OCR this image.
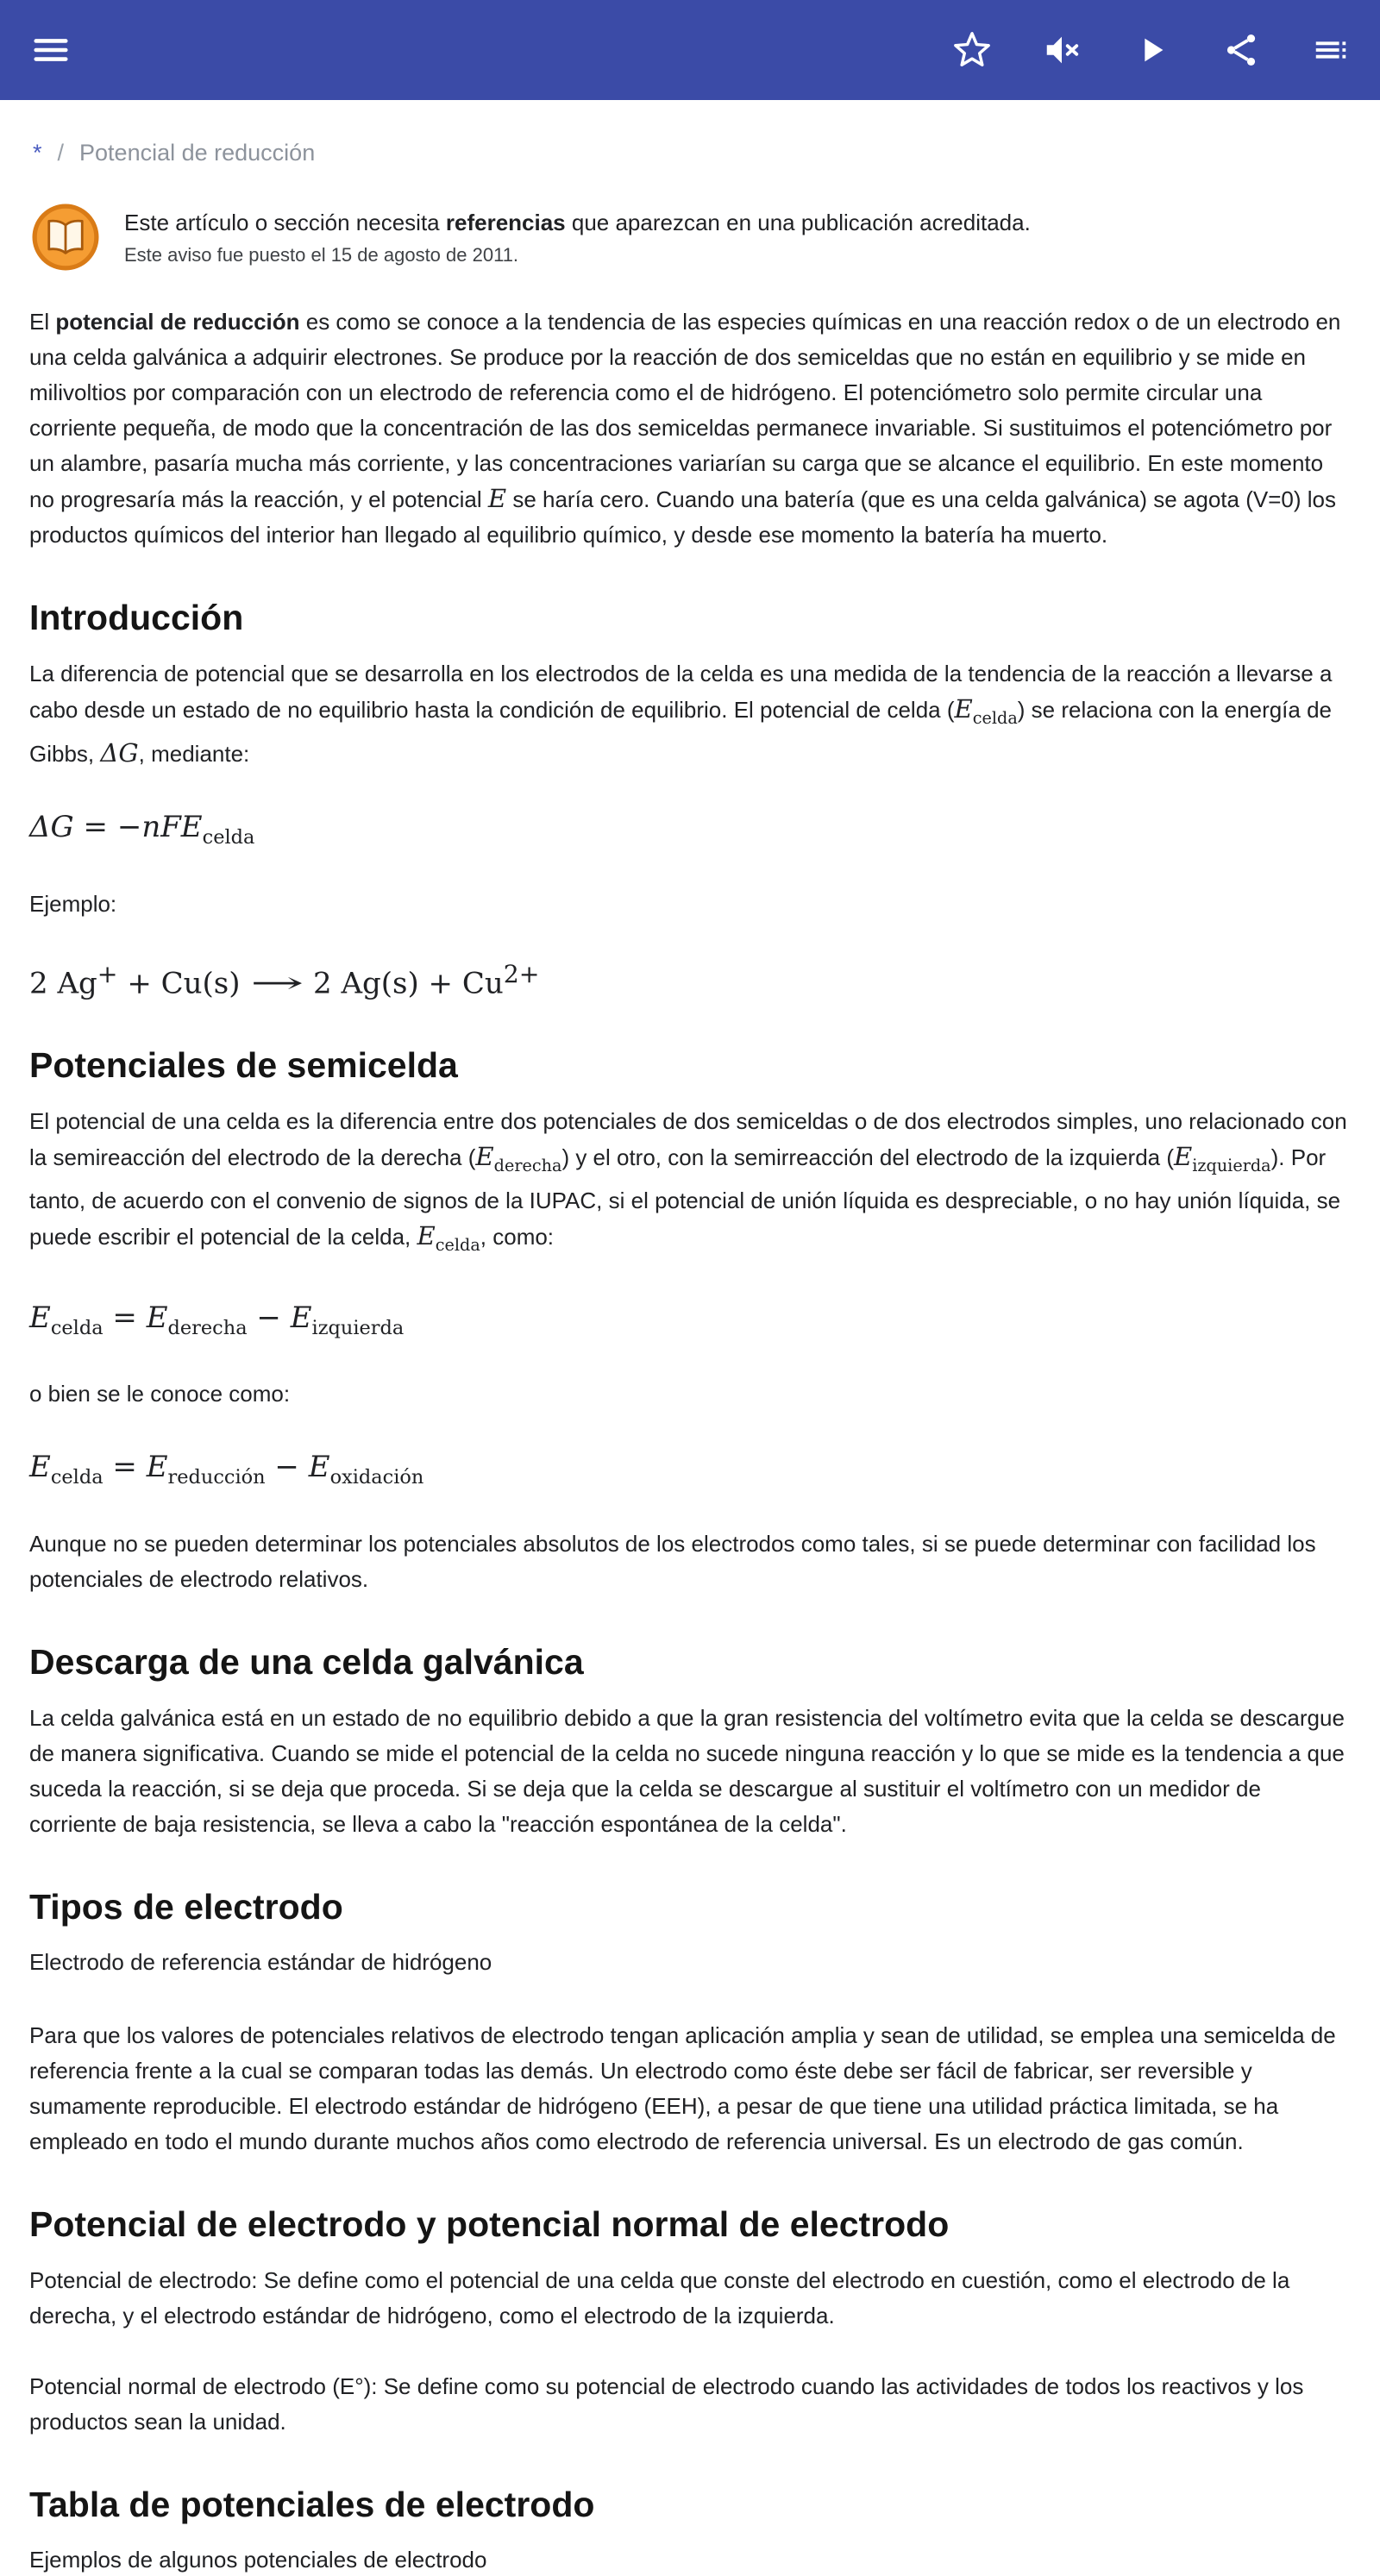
* / Potencial de reducción
Este artículo o sección necesita referencias que aparezcan en una publicación acreditada.
Este aviso fue puesto el 15 de agosto de 2011.

El potencial de reducción es como se conoce a la tendencia de las especies químicas en una reacción redox o de un electrodo en una celda galvánica a adquirir electrones. Se produce por la reacción de dos semiceldas que no están en equilibrio y se mide en milivoltios por comparación con un electrodo de referencia como el de hidrógeno. El potenciómetro solo permite circular una corriente pequeña, de modo que la concentración de las dos semiceldas permanece invariable. Si sustituimos el potenciómetro por un alambre, pasaría mucha más corriente, y las concentraciones variarían su carga que se alcance el equilibrio. En este momento no progresaría más la reacción, y el potencial E se haría cero. Cuando una batería (que es una celda galvánica) se agota (V=0) los productos químicos del interior han llegado al equilibrio químico, y desde ese momento la batería ha muerto.

Introducción

La diferencia de potencial que se desarrolla en los electrodos de la celda es una medida de la tendencia de la reacción a llevarse a cabo desde un estado de no equilibrio hasta la condición de equilibrio. El potencial de celda $(E_{celda})$ se relaciona con la energía de Gibbs, ΔG, mediante:

ΔG = −nFE$_{celda}$

Ejemplo:

2 Ag+ + Cu(s) → 2 $Ag(s) + Cu^{2+}$
Potenciales de semicelda

El potencial de una celda es la diferencia entre dos potenciales de dos semiceldas o de dos electrodos simples, uno relacionado con la semireacción del electrodo de la derecha $(E_{derecha})$ y el otro, con la semirreacción del electrodo de la izquierda $(E_{izquierda})$. Por tanto, de acuerdo con el convenio de signos de la IUPAC, si el potencial de unión líquida es despreciable, o no hay unión líquida, se puede escribir el potencial de la celda, $E_{celda}$, como:

$E_{celda} = E_{derecha} - E_{izquierda}$

o bien se le conoce como:

$E_{celda} = E_{reducción} - E_{oxidación}$

Aunque no se pueden determinar los potenciales absolutos de los electrodos como tales, si se puede determinar con facilidad los potenciales de electrodo relativos.

Descarga de una celda galvánica

La celda galvánica está en un estado de no equilibrio debido a que la gran resistencia del voltímetro evita que la celda se descargue de manera significativa. Cuando se mide el potencial de la celda no sucede ninguna reacción y lo que se mide es la tendencia a que suceda la reacción, si se deja que proceda. Si se deja que la celda se descargue al sustituir el voltímetro con un medidor de corriente de baja resistencia, se lleva a cabo la "reacción espontánea de la celda".

Tipos de electrodo
Electrodo de referencia estándar de hidrógeno

Para que los valores de potenciales relativos de electrodo tengan aplicación amplia y sean de utilidad, se emplea una semicelda de referencia frente a la cual se comparan todas las demás. Un electrodo como éste debe ser fácil de fabricar, ser reversible y sumamente reproducible. El electrodo estándar de hidrógeno (EEH), a pesar de que tiene una utilidad práctica limitada, se ha empleado en todo el mundo durante muchos años como electrodo de referencia universal. Es un electrodo de gas común.

Potencial de electrodo y potencial normal de electrodo

Potencial de electrodo: Se define como el potencial de una celda que conste del electrodo en cuestión, como el electrodo de la derecha, y el electrodo estándar de hidrógeno, como el electrodo de la izquierda.

Potencial normal de electrodo (E°): Se define como su potencial de electrodo cuando las actividades de todos los reactivos y los productos sean la unidad.

Tabla de potenciales de electrodo
Ejemplos de algunos potenciales de electrodo
